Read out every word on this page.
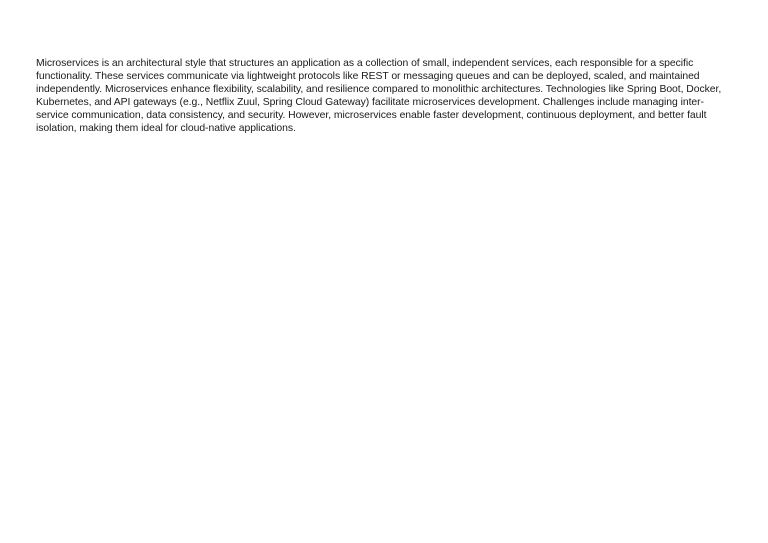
Microservices is an architectural style that structures an application as a collection of small, independent services, each responsible for a specific functionality. These services communicate via lightweight protocols like REST or messaging queues and can be deployed, scaled, and maintained independently. Microservices enhance flexibility, scalability, and resilience compared to monolithic architectures. Technologies like Spring Boot, Docker, Kubernetes, and API gateways (e.g., Netflix Zuul, Spring Cloud Gateway) facilitate microservices development. Challenges include managing inter-service communication, data consistency, and security. However, microservices enable faster development, continuous deployment, and better fault isolation, making them ideal for cloud-native applications.
